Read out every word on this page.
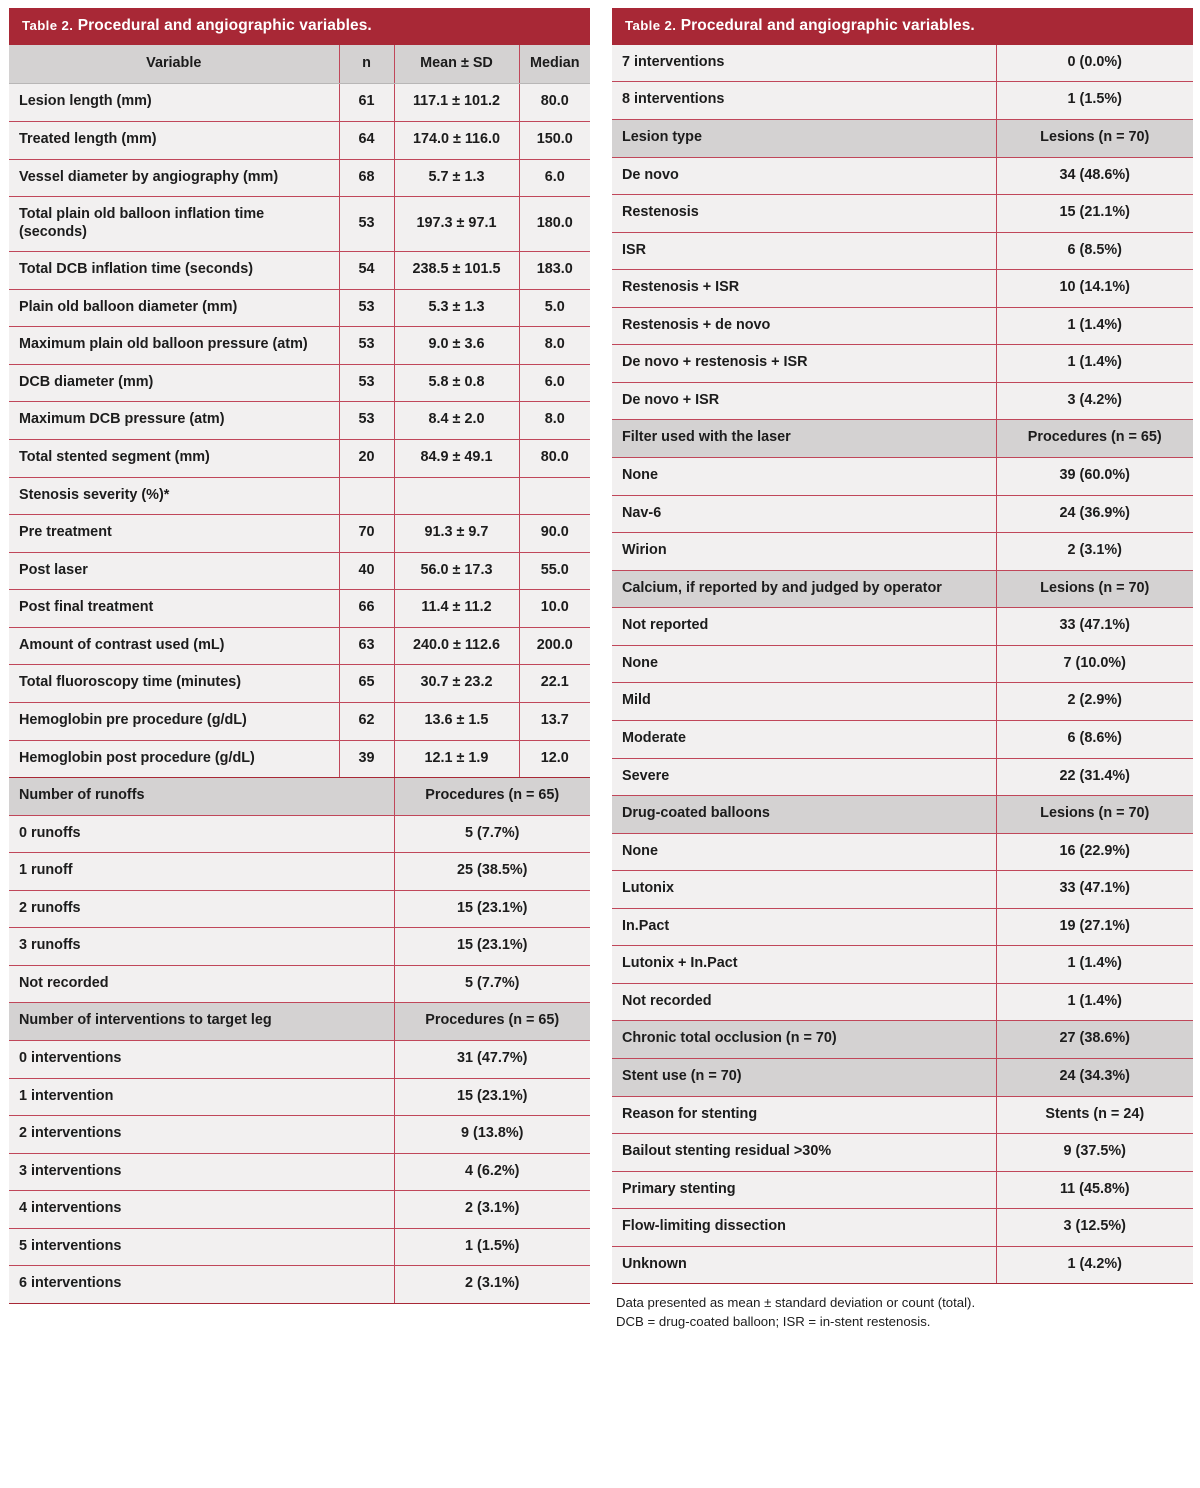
Table 2. Procedural and angiographic variables.
Variable	n	Mean ± SD	Median
Lesion length (mm)	61	117.1 ± 101.2	80.0
Treated length (mm)	64	174.0 ± 116.0	150.0
Vessel diameter by angiography (mm)	68	5.7 ± 1.3	6.0
Total plain old balloon inflation time (seconds)	53	197.3 ± 97.1	180.0
Total DCB inflation time (seconds)	54	238.5 ± 101.5	183.0
Plain old balloon diameter (mm)	53	5.3 ± 1.3	5.0
Maximum plain old balloon pressure (atm)	53	9.0 ± 3.6	8.0
DCB diameter (mm)	53	5.8 ± 0.8	6.0
Maximum DCB pressure (atm)	53	8.4 ± 2.0	8.0
Total stented segment (mm)	20	84.9 ± 49.1	80.0
Stenosis severity (%)*			
Pre treatment	70	91.3 ± 9.7	90.0
Post laser	40	56.0 ± 17.3	55.0
Post final treatment	66	11.4 ± 11.2	10.0
Amount of contrast used (mL)	63	240.0 ± 112.6	200.0
Total fluoroscopy time (minutes)	65	30.7 ± 23.2	22.1
Hemoglobin pre procedure (g/dL)	62	13.6 ± 1.5	13.7
Hemoglobin post procedure (g/dL)	39	12.1 ± 1.9	12.0
Number of runoffs	Procedures (n = 65)
0 runoffs	5 (7.7%)
1 runoff	25 (38.5%)
2 runoffs	15 (23.1%)
3 runoffs	15 (23.1%)
Not recorded	5 (7.7%)
Number of interventions to target leg	Procedures (n = 65)
0 interventions	31 (47.7%)
1 intervention	15 (23.1%)
2 interventions	9 (13.8%)
3 interventions	4 (6.2%)
4 interventions	2 (3.1%)
5 interventions	1 (1.5%)
6 interventions	2 (3.1%)
Table 2. Procedural and angiographic variables.
7 interventions	0 (0.0%)
8 interventions	1 (1.5%)
Lesion type	Lesions (n = 70)
De novo	34 (48.6%)
Restenosis	15 (21.1%)
ISR	6 (8.5%)
Restenosis + ISR	10 (14.1%)
Restenosis + de novo	1 (1.4%)
De novo + restenosis + ISR	1 (1.4%)
De novo + ISR	3 (4.2%)
Filter used with the laser	Procedures (n = 65)
None	39 (60.0%)
Nav-6	24 (36.9%)
Wirion	2 (3.1%)
Calcium, if reported by and judged by operator	Lesions (n = 70)
Not reported	33 (47.1%)
None	7 (10.0%)
Mild	2 (2.9%)
Moderate	6 (8.6%)
Severe	22 (31.4%)
Drug-coated balloons	Lesions (n = 70)
None	16 (22.9%)
Lutonix	33 (47.1%)
In.Pact	19 (27.1%)
Lutonix + In.Pact	1 (1.4%)
Not recorded	1 (1.4%)
Chronic total occlusion (n = 70)	27 (38.6%)
Stent use (n = 70)	24 (34.3%)
Reason for stenting	Stents (n = 24)
Bailout stenting residual >30%	9 (37.5%)
Primary stenting	11 (45.8%)
Flow-limiting dissection	3 (12.5%)
Unknown	1 (4.2%)
Data presented as mean ± standard deviation or count (total).
DCB = drug-coated balloon; ISR = in-stent restenosis.
